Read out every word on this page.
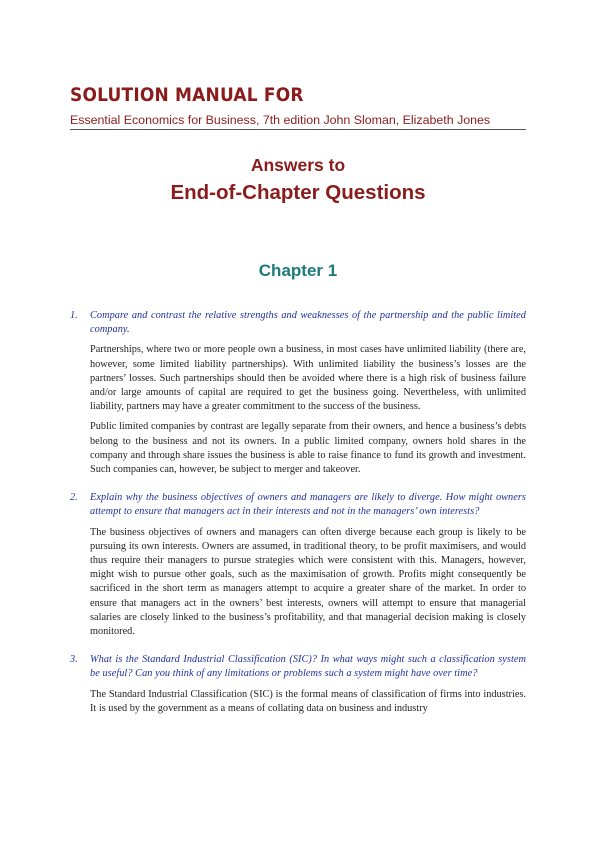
SOLUTION MANUAL FOR
Essential Economics for Business, 7th edition John Sloman, Elizabeth Jones
Answers to
End-of-Chapter Questions
Chapter 1
1. Compare and contrast the relative strengths and weaknesses of the partnership and the public limited company.

Partnerships, where two or more people own a business, in most cases have unlimited liability (there are, however, some limited liability partnerships). With unlimited liability the business’s losses are the partners’ losses. Such partnerships should then be avoided where there is a high risk of business failure and/or large amounts of capital are required to get the business going. Nevertheless, with unlimited liability, partners may have a greater commitment to the success of the business.

Public limited companies by contrast are legally separate from their owners, and hence a business’s debts belong to the business and not its owners. In a public limited company, owners hold shares in the company and through share issues the business is able to raise finance to fund its growth and investment. Such companies can, however, be subject to merger and takeover.

2. Explain why the business objectives of owners and managers are likely to diverge. How might owners attempt to ensure that managers act in their interests and not in the managers’ own interests?

The business objectives of owners and managers can often diverge because each group is likely to be pursuing its own interests. Owners are assumed, in traditional theory, to be profit maximisers, and would thus require their managers to pursue strategies which were consistent with this. Managers, however, might wish to pursue other goals, such as the maximisation of growth. Profits might consequently be sacrificed in the short term as managers attempt to acquire a greater share of the market. In order to ensure that managers act in the owners’ best interests, owners will attempt to ensure that managerial salaries are closely linked to the business’s profitability, and that managerial decision making is closely monitored.

3. What is the Standard Industrial Classification (SIC)? In what ways might such a classification system be useful? Can you think of any limitations or problems such a system might have over time?

The Standard Industrial Classification (SIC) is the formal means of classification of firms into industries. It is used by the government as a means of collating data on business and industry
